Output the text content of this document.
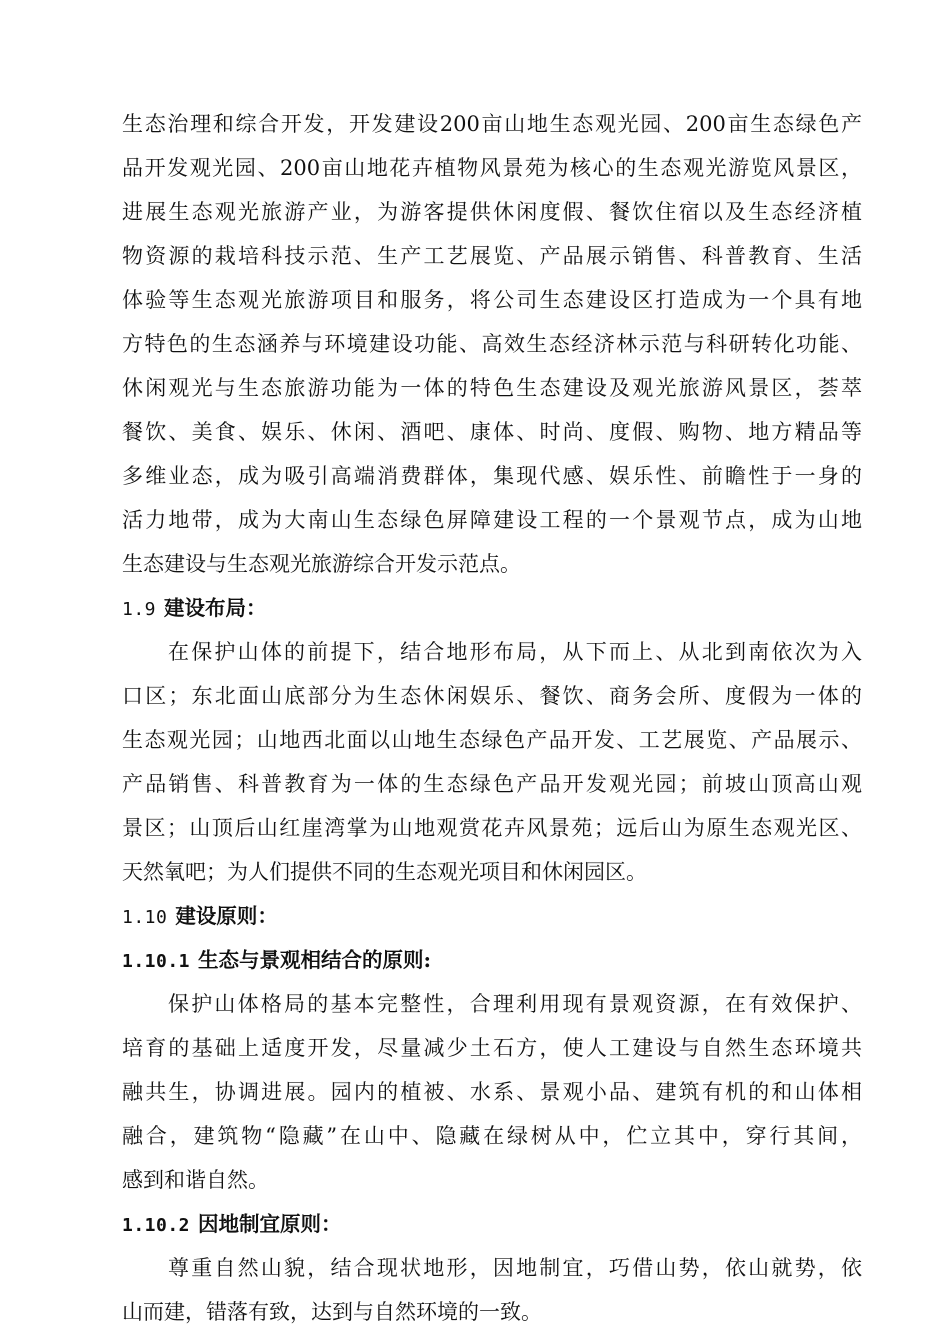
生态治理和综合开发，开发建设200亩山地生态观光园、200亩生态绿色产
品开发观光园、200亩山地花卉植物风景苑为核心的生态观光游览风景区，
进展生态观光旅游产业，为游客提供休闲度假、餐饮住宿以及生态经济植
物资源的栽培科技示范、生产工艺展览、产品展示销售、科普教育、生活
体验等生态观光旅游项目和服务，将公司生态建设区打造成为一个具有地
方特色的生态涵养与环境建设功能、高效生态经济林示范与科研转化功能、
休闲观光与生态旅游功能为一体的特色生态建设及观光旅游风景区，荟萃
餐饮、美食、娱乐、休闲、酒吧、康体、时尚、度假、购物、地方精品等
多维业态，成为吸引高端消费群体，集现代感、娱乐性、前瞻性于一身的
活力地带，成为大南山生态绿色屏障建设工程的一个景观节点，成为山地
生态建设与生态观光旅游综合开发示范点。
1.9 建设布局：
在保护山体的前提下，结合地形布局，从下而上、从北到南依次为入
口区；东北面山底部分为生态休闲娱乐、餐饮、商务会所、度假为一体的
生态观光园；山地西北面以山地生态绿色产品开发、工艺展览、产品展示、
产品销售、科普教育为一体的生态绿色产品开发观光园；前坡山顶高山观
景区；山顶后山红崖湾掌为山地观赏花卉风景苑；远后山为原生态观光区、
天然氧吧；为人们提供不同的生态观光项目和休闲园区。
1.10 建设原则：
1.10.1 生态与景观相结合的原则:
保护山体格局的基本完整性，合理利用现有景观资源，在有效保护、
培育的基础上适度开发，尽量减少土石方，使人工建设与自然生态环境共
融共生，协调进展。园内的植被、水系、景观小品、建筑有机的和山体相
融合，建筑物“隐藏”在山中、隐藏在绿树从中，伫立其中，穿行其间，
感到和谐自然。
1.10.2 因地制宜原则：
尊重自然山貌，结合现状地形，因地制宜，巧借山势，依山就势，依
山而建，错落有致，达到与自然环境的一致。
